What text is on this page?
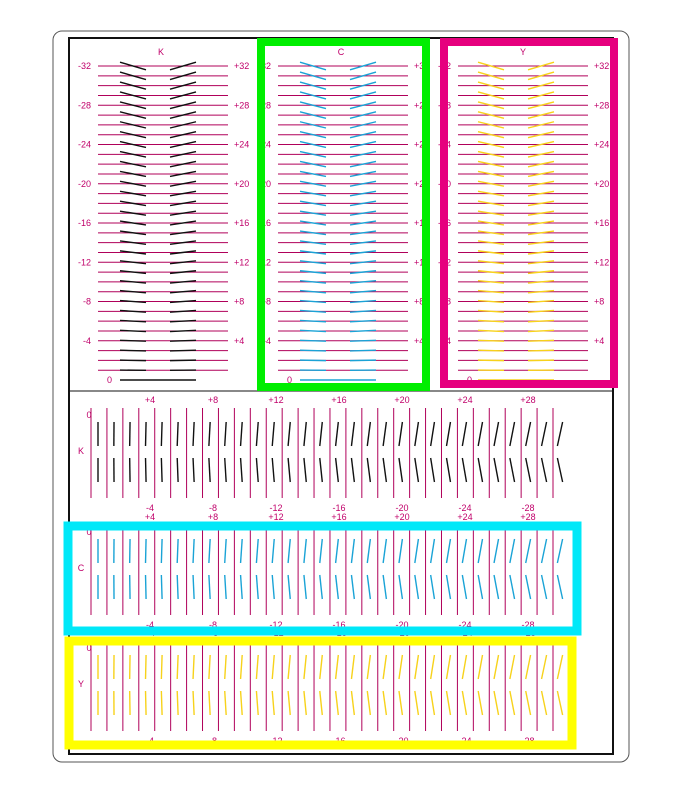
K
-32
-28
-24
-20
-16
-12
-8
-4
0
+32
+28
+24
+20
+16
+12
+8
+4
C
-32
-28
-24
-20
-16
-12
-8
-4
0
+32
+28
+24
+20
+16
+12
+8
+4
Y
-32
-28
-24
-20
-16
-12
-8
-4
0
+32
+28
+24
+20
+16
+12
+8
+4
+4	+8	+12	+16	+20	+24	+28
0
K
-4	-8	-12	-16	-20	-24	-28
+4	+8	+12	+16	+20	+24	+28
0
C
-4	-8	-12	-16	-20	-24	-28
+4	+8	+12	+16	+20	+24	+28
0
Y
-4	-8	-12	-16	-20	-24	-28
